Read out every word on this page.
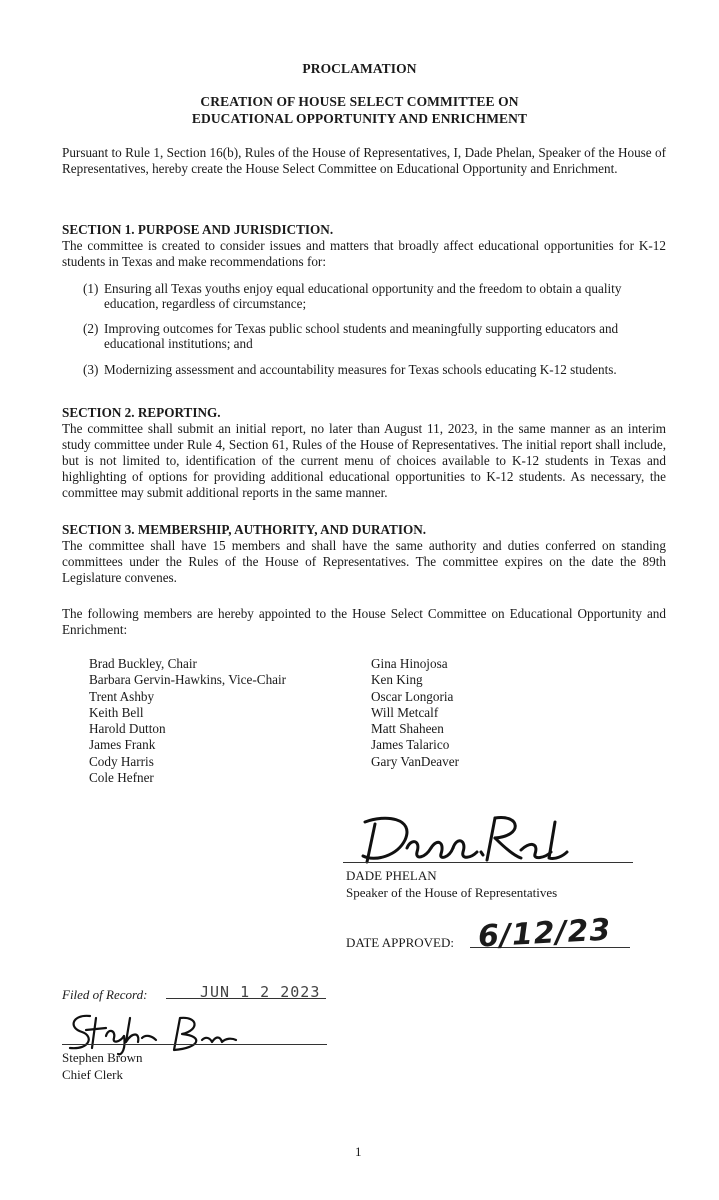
PROCLAMATION
CREATION OF HOUSE SELECT COMMITTEE ON
EDUCATIONAL OPPORTUNITY AND ENRICHMENT

Pursuant to Rule 1, Section 16(b), Rules of the House of Representatives, I, Dade Phelan, Speaker of the House of Representatives, hereby create the House Select Committee on Educational Opportunity and Enrichment.

SECTION 1. PURPOSE AND JURISDICTION.

The committee is created to consider issues and matters that broadly affect educational opportunities for K-12 students in Texas and make recommendations for:

(1) Ensuring all Texas youths enjoy equal educational opportunity and the freedom to obtain a quality education, regardless of circumstance;
(2) Improving outcomes for Texas public school students and meaningfully supporting educators and educational institutions; and
(3) Modernizing assessment and accountability measures for Texas schools educating K-12 students.
SECTION 2. REPORTING.

The committee shall submit an initial report, no later than August 11, 2023, in the same manner as an interim study committee under Rule 4, Section 61, Rules of the House of Representatives. The initial report shall include, but is not limited to, identification of the current menu of choices available to K-12 students in Texas and highlighting of options for providing additional educational opportunities to K-12 students. As necessary, the committee may submit additional reports in the same manner.

SECTION 3. MEMBERSHIP, AUTHORITY, AND DURATION.

The committee shall have 15 members and shall have the same authority and duties conferred on standing committees under the Rules of the House of Representatives. The committee expires on the date the 89th Legislature convenes.

The following members are hereby appointed to the House Select Committee on Educational Opportunity and Enrichment:

Brad Buckley, Chair
Barbara Gervin-Hawkins, Vice-Chair
Trent Ashby
Keith Bell
Harold Dutton
James Frank
Cody Harris
Cole Hefner
Gina Hinojosa
Ken King
Oscar Longoria
Will Metcalf
Matt Shaheen
James Talarico
Gary VanDeaver
DADE PHELAN
Speaker of the House of Representatives
DATE APPROVED: 6/12/23
Filed of Record:	JUN 1 2 2023
Stephen Brown
Chief Clerk
1
